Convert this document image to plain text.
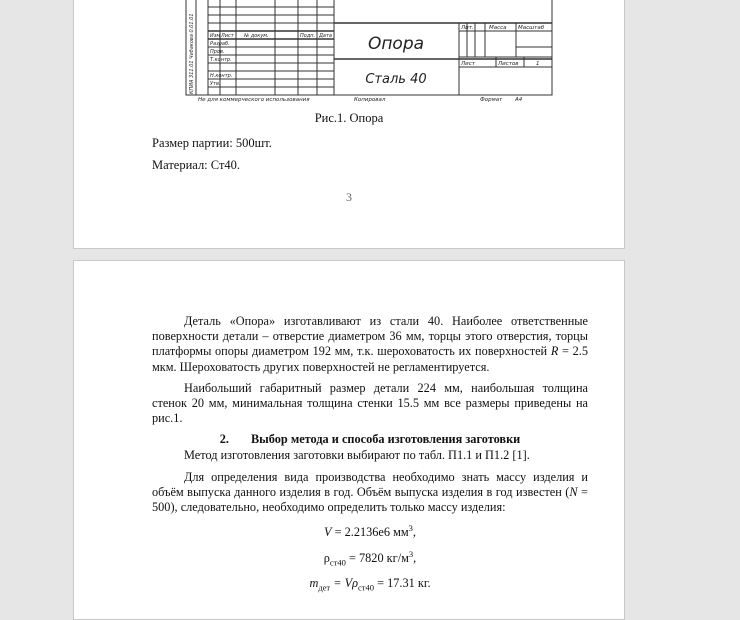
Изм Лист № докум.	Подп. Дата
Разраб.
Пров.
Т.контр.
Н.контр.
Утв.
Опора
Сталь 40
Лит.	Масса Масштаб
Лист	Листов	1
Не для коммерческого использования	Копировал	Формат А4
КПИА 311.01 Чебакова 0.01.01
Рис.1. Опора
Размер партии: 500шт.
Материал: Ст40.
3

Деталь «Опора» изготавливают из стали 40. Наиболее ответственные поверхности детали – отверстие диаметром 36 мм, торцы этого отверстия, торцы платформы опоры диаметром 192 мм, т.к. шероховатость их поверхностей R = 2.5 мкм. Шероховатость других поверхностей не регламентируется.

Наибольший габаритный размер детали 224 мм, наибольшая толщина стенок 20 мм, минимальная толщина стенки 15.5 мм все размеры приведены на рис.1.

2. Выбор метода и способа изготовления заготовки

Метод изготовления заготовки выбирают по табл. П1.1 и П1.2 [1].

Для определения вида производства необходимо знать массу изделия и объём выпуска данного изделия в год. Объём выпуска изделия в год известен (N = 500), следовательно, необходимо определить только массу изделия:

V = 2.2136е6 $мм^3$,
$\rho_{ст40} = 7820$ $кг/м^3$,
$m_{дет} = V\rho_{ст40} = 17.31$ кг.
